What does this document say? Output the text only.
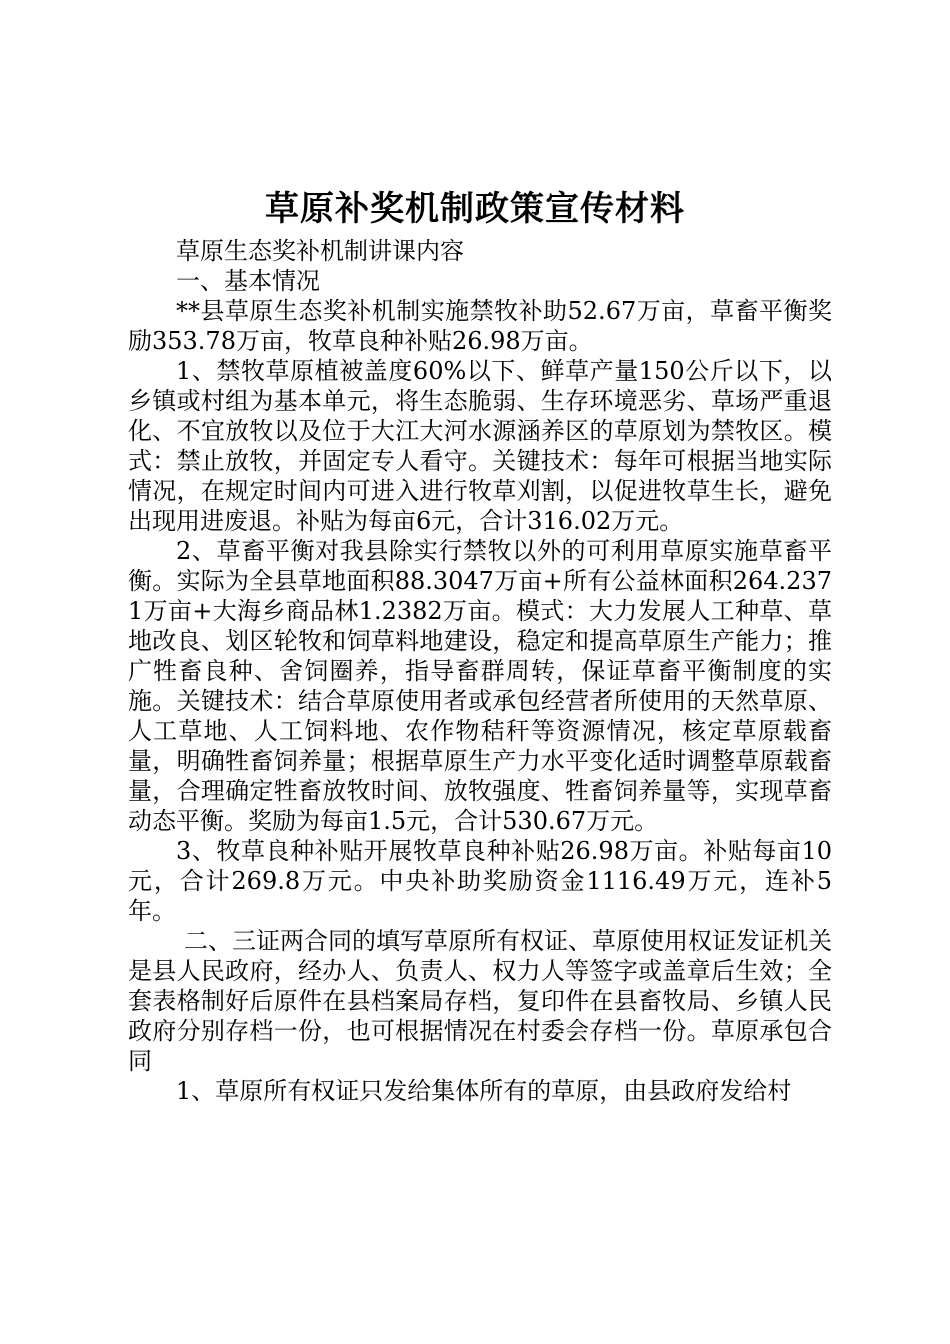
草原补奖机制政策宣传材料

草原生态奖补机制讲课内容

一、基本情况

**县草原生态奖补机制实施禁牧补助52.67万亩，草畜平衡奖励353.78万亩，牧草良种补贴26.98万亩。

1、禁牧草原植被盖度60%以下、鲜草产量150公斤以下，以乡镇或村组为基本单元，将生态脆弱、生存环境恶劣、草场严重退化、不宜放牧以及位于大江大河水源涵养区的草原划为禁牧区。模式：禁止放牧，并固定专人看守。关键技术：每年可根据当地实际情况，在规定时间内可进入进行牧草刈割，以促进牧草生长，避免出现用进废退。补贴为每亩6元，合计316.02万元。

2、草畜平衡对我县除实行禁牧以外的可利用草原实施草畜平衡。实际为全县草地面积88.3047万亩+所有公益林面积264.2371万亩+大海乡商品林1.2382万亩。模式：大力发展人工种草、草地改良、划区轮牧和饲草料地建设，稳定和提高草原生产能力；推广牲畜良种、舍饲圈养，指导畜群周转，保证草畜平衡制度的实施。关键技术：结合草原使用者或承包经营者所使用的天然草原、人工草地、人工饲料地、农作物秸秆等资源情况，核定草原载畜量，明确牲畜饲养量；根据草原生产力水平变化适时调整草原载畜量，合理确定牲畜放牧时间、放牧强度、牲畜饲养量等，实现草畜动态平衡。奖励为每亩1.5元，合计530.67万元。

3、牧草良种补贴开展牧草良种补贴26.98万亩。补贴每亩10元，合计269.8万元。中央补助奖励资金1116.49万元，连补5年。

二、三证两合同的填写草原所有权证、草原使用权证发证机关是县人民政府，经办人、负责人、权力人等签字或盖章后生效；全套表格制好后原件在县档案局存档，复印件在县畜牧局、乡镇人民政府分别存档一份，也可根据情况在村委会存档一份。草原承包合同

1、草原所有权证只发给集体所有的草原，由县政府发给村
